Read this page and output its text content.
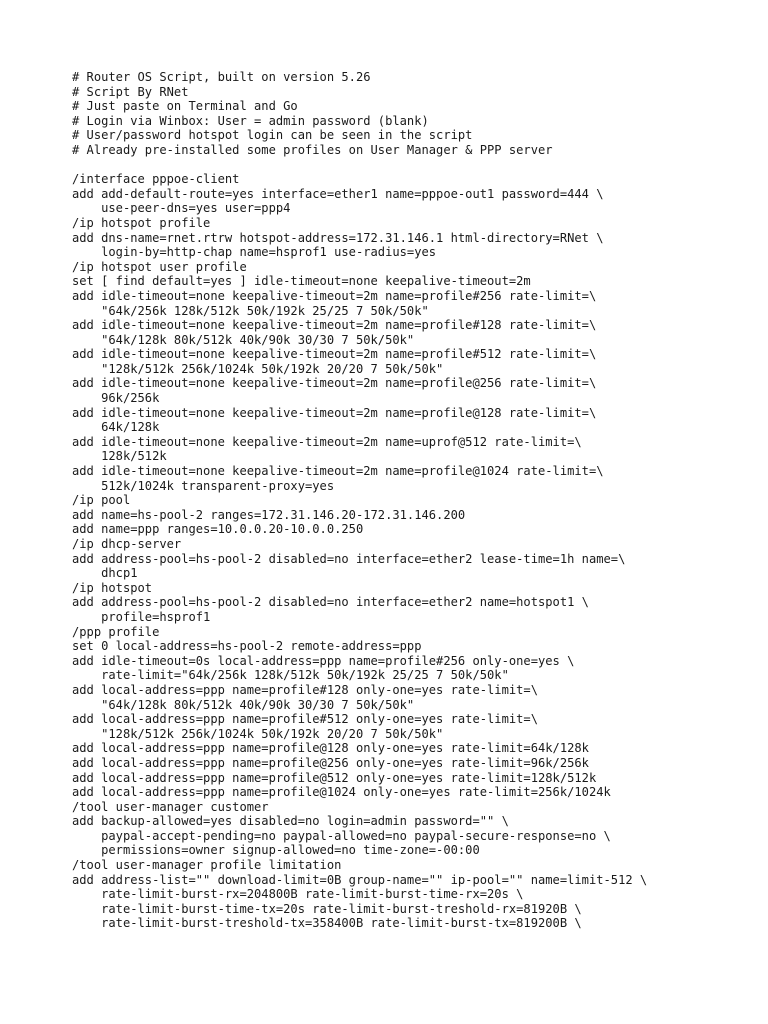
# Router OS Script, built on version 5.26
# Script By RNet
# Just paste on Terminal and Go
# Login via Winbox: User = admin password (blank)
# User/password hotspot login can be seen in the script
# Already pre-installed some profiles on User Manager & PPP server
/interface pppoe-client
add add-default-route=yes interface=ether1 name=pppoe-out1 password=444 \
use-peer-dns=yes user=ppp4
/ip hotspot profile
add dns-name=rnet.rtrw hotspot-address=172.31.146.1 html-directory=RNet \
login-by=http-chap name=hsprof1 use-radius=yes
/ip hotspot user profile
set [ find default=yes ] idle-timeout=none keepalive-timeout=2m
add idle-timeout=none keepalive-timeout=2m name=profile#256 rate-limit=\
"64k/256k 128k/512k 50k/192k 25/25 7 50k/50k"
add idle-timeout=none keepalive-timeout=2m name=profile#128 rate-limit=\
"64k/128k 80k/512k 40k/90k 30/30 7 50k/50k"
add idle-timeout=none keepalive-timeout=2m name=profile#512 rate-limit=\
"128k/512k 256k/1024k 50k/192k 20/20 7 50k/50k"
add idle-timeout=none keepalive-timeout=2m name=profile@256 rate-limit=\
96k/256k
add idle-timeout=none keepalive-timeout=2m name=profile@128 rate-limit=\
64k/128k
add idle-timeout=none keepalive-timeout=2m name=uprof@512 rate-limit=\
128k/512k
add idle-timeout=none keepalive-timeout=2m name=profile@1024 rate-limit=\
512k/1024k transparent-proxy=yes
/ip pool
add name=hs-pool-2 ranges=172.31.146.20-172.31.146.200
add name=ppp ranges=10.0.0.20-10.0.0.250
/ip dhcp-server
add address-pool=hs-pool-2 disabled=no interface=ether2 lease-time=1h name=\
dhcp1
/ip hotspot
add address-pool=hs-pool-2 disabled=no interface=ether2 name=hotspot1 \
profile=hsprof1
/ppp profile
set 0 local-address=hs-pool-2 remote-address=ppp
add idle-timeout=0s local-address=ppp name=profile#256 only-one=yes \
rate-limit="64k/256k 128k/512k 50k/192k 25/25 7 50k/50k"
add local-address=ppp name=profile#128 only-one=yes rate-limit=\
"64k/128k 80k/512k 40k/90k 30/30 7 50k/50k"
add local-address=ppp name=profile#512 only-one=yes rate-limit=\
"128k/512k 256k/1024k 50k/192k 20/20 7 50k/50k"
add local-address=ppp name=profile@128 only-one=yes rate-limit=64k/128k
add local-address=ppp name=profile@256 only-one=yes rate-limit=96k/256k
add local-address=ppp name=profile@512 only-one=yes rate-limit=128k/512k
add local-address=ppp name=profile@1024 only-one=yes rate-limit=256k/1024k
/tool user-manager customer
add backup-allowed=yes disabled=no login=admin password="" \
paypal-accept-pending=no paypal-allowed=no paypal-secure-response=no \
permissions=owner signup-allowed=no time-zone=-00:00
/tool user-manager profile limitation
add address-list="" download-limit=0B group-name="" ip-pool="" name=limit-512 \
rate-limit-burst-rx=204800B rate-limit-burst-time-rx=20s \
rate-limit-burst-time-tx=20s rate-limit-burst-treshold-rx=81920B \
rate-limit-burst-treshold-tx=358400B rate-limit-burst-tx=819200B \
